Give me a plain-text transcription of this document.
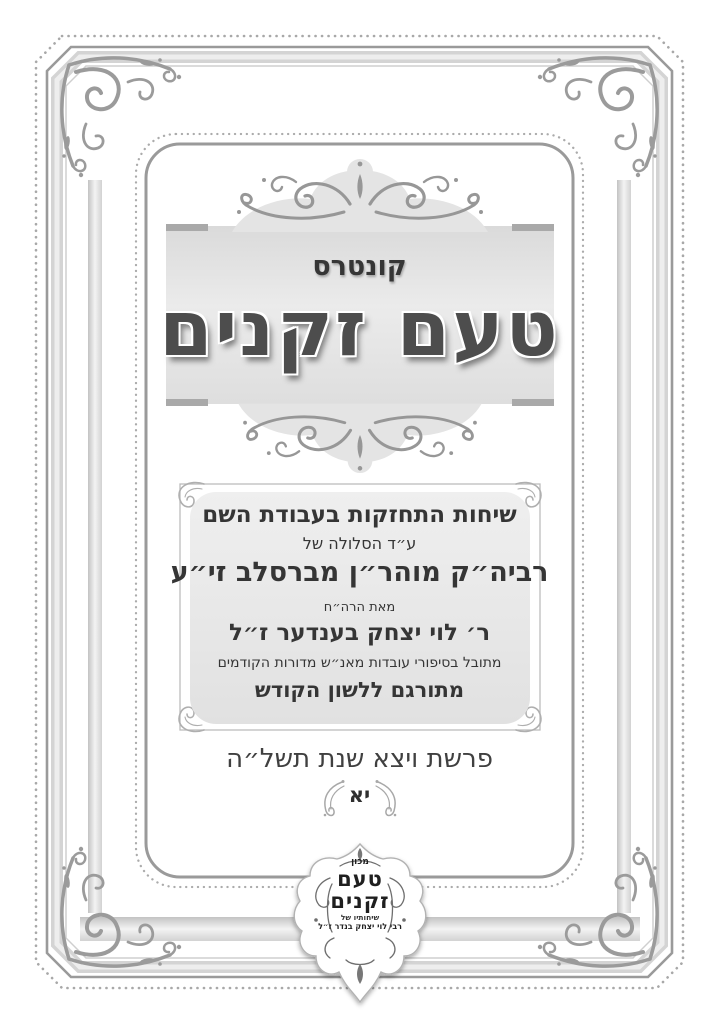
קונטרס
טעם זקנים
שיחות התחזקות בעבודת השם
ע״ד הסלולה של
רביה״ק מוהר״ן מברסלב זי״ע
מאת הרה״ח
ר׳ לוי יצחק בענדער ז״ל
מתובל בסיפורי עובדות מאנ״ש מדורות הקודמים
מתורגם ללשון הקודש
פרשת ויצא שנת תשל״ה
יא
מכון
טעם
זקנים
שיחותיו של
רבי לוי יצחק בנדר ז״ל
